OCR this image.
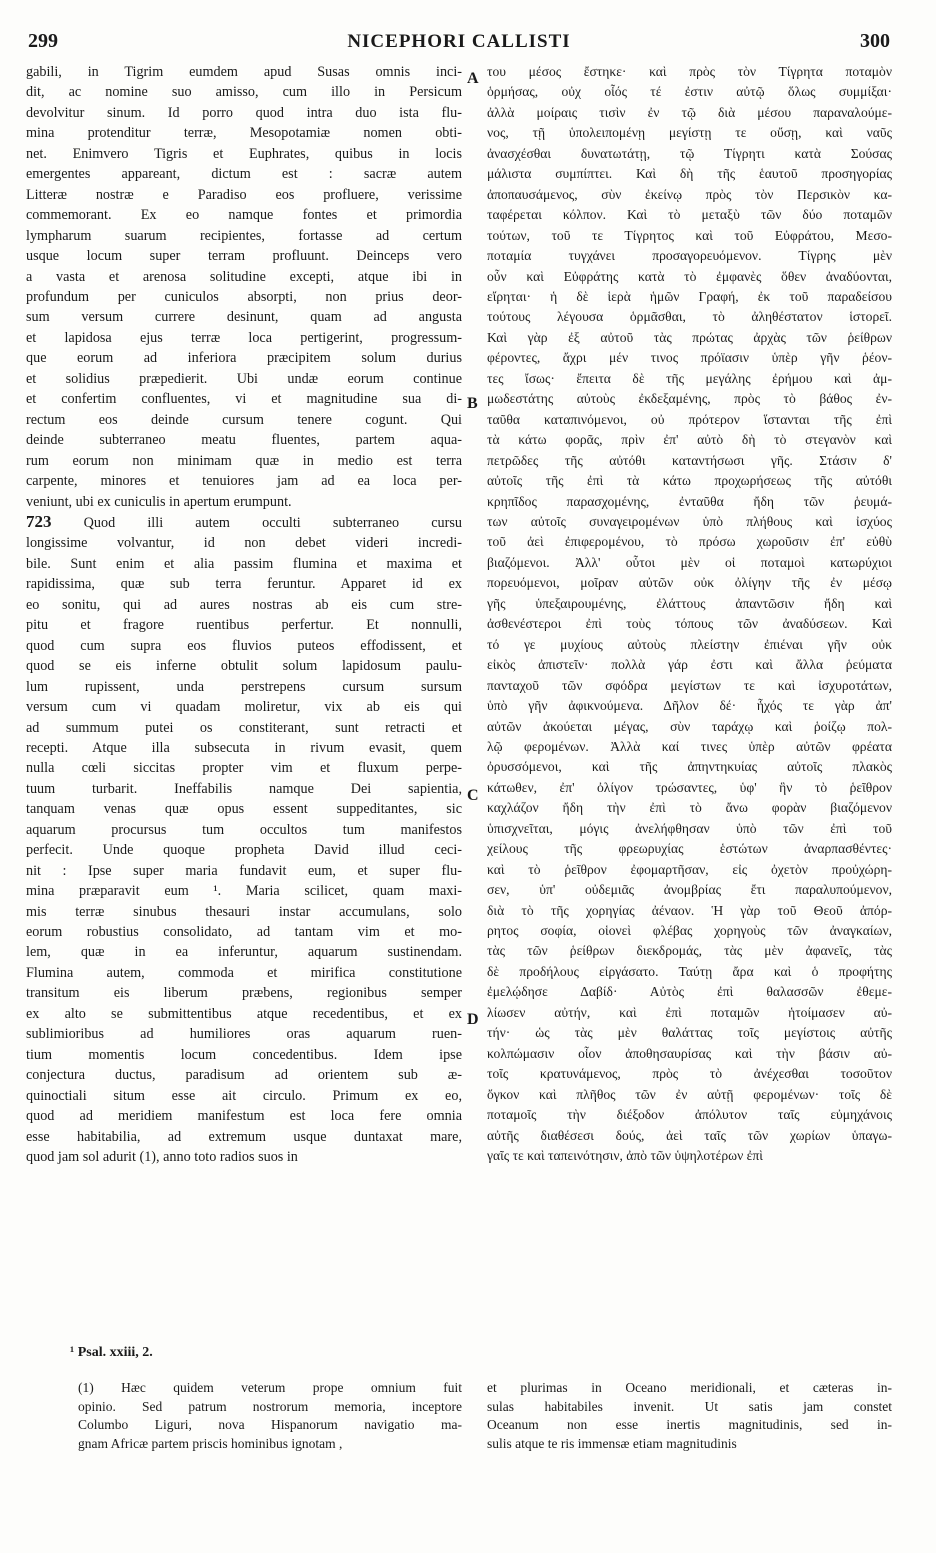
299	NICEPHORI CALLISTI	300
gabili, in Tigrim eumdem apud Susas omnis inci-
dit, ac nomine suo amisso, cum illo in Persicum
devolvitur sinum. Id porro quod intra duo ista flu-
mina protenditur terræ, Mesopotamiæ nomen obti-
net. Enimvero Tigris et Euphrates, quibus in locis
emergentes appareant, dictum est : sacræ autem
Litteræ nostræ e Paradiso eos profluere, verissime
commemorant. Ex eo namque fontes et primordia
lympharum suarum recipientes, fortasse ad certum
usque locum super terram profluunt. Deinceps vero
a vasta et arenosa solitudine excepti, atque ibi in
profundum per cuniculos absorpti, non prius deor-
sum versum currere desinunt, quam ad angusta
et lapidosa ejus terræ loca pertigerint, progressum-
que eorum ad inferiora præcipitem solum durius
et solidius præpedierit. Ubi undæ eorum continue
et confertim confluentes, vi et magnitudine sua di-
rectum eos deinde cursum tenere cogunt. Qui
deinde subterraneo meatu fluentes, partem aqua-
rum eorum non minimam quæ in medio est terra
carpente, minores et tenuiores jam ad ea loca per-
veniunt, ubi ex cuniculis in apertum erumpunt.
723 Quod illi autem occulti subterraneo cursu
longissime volvantur, id non debet videri incredi-
bile. Sunt enim et alia passim flumina et maxima et
rapidissima, quæ sub terra feruntur. Apparet id ex
eo sonitu, qui ad aures nostras ab eis cum stre-
pitu et fragore ruentibus perfertur. Et nonnulli,
quod cum supra eos fluvios puteos effodissent, et
quod se eis inferne obtulit solum lapidosum paulu-
lum rupissent, unda perstrepens cursum sursum
versum cum vi quadam moliretur, vix ab eis qui
ad summum putei os constiterant, sunt retracti et
recepti. Atque illa subsecuta in rivum evasit, quem
nulla cœli siccitas propter vim et fluxum perpe-
tuum turbarit. Ineffabilis namque Dei sapientia,
tanquam venas quæ opus essent suppeditantes, sic
aquarum procursus tum occultos tum manifestos
perfecit. Unde quoque propheta David illud ceci-
nit : Ipse super maria fundavit eum, et super flu-
mina præparavit eum ¹. Maria scilicet, quam maxi-
mis terræ sinubus thesauri instar accumulans, solo
eorum robustius consolidato, ad tantam vim et mo-
lem, quæ in ea inferuntur, aquarum sustinendam.
Flumina autem, commoda et mirifica constitutione
transitum eis liberum præbens, regionibus semper
ex alto se submittentibus atque recedentibus, et ex
sublimioribus ad humiliores oras aquarum ruen-
tium momentis locum concedentibus. Idem ipse
conjectura ductus, paradisum ad orientem sub æ-
quinoctiali situm esse ait circulo. Primum ex eo,
quod ad meridiem manifestum est loca fere omnia
esse habitabilia, ad extremum usque duntaxat mare,
quod jam sol adurit (1), anno toto radios suos in
A
B
C
D
του μέσος ἔστηκε· καὶ πρὸς τὸν Τίγρητα ποταμὸν
ὁρμήσας, οὐχ οἷός τέ ἐστιν αὐτῷ ὅλως συμμίξαι·
ἀλλὰ μοίραις τισὶν ἐν τῷ διὰ μέσου παραναλούμε-
νος, τῇ ὑπολειπομένῃ μεγίστῃ τε οὔσῃ, καὶ ναῦς
ἀνασχέσθαι δυνατωτάτῃ, τῷ Τίγρητι κατὰ Σούσας
μάλιστα συμπίπτει. Καὶ δὴ τῆς ἑαυτοῦ προσηγορίας
ἀποπαυσάμενος, σὺν ἐκείνῳ πρὸς τὸν Περσικὸν κα-
ταφέρεται κόλπον. Καὶ τὸ μεταξὺ τῶν δύο ποταμῶν
τούτων, τοῦ τε Τίγρητος καὶ τοῦ Εὐφράτου, Μεσο-
ποταμία τυγχάνει προσαγορευόμενον. Τίγρης μὲν
οὖν καὶ Εὐφράτης κατὰ τὸ ἐμφανὲς ὅθεν ἀναδύονται,
εἴρηται· ἡ δὲ ἱερὰ ἡμῶν Γραφή, ἐκ τοῦ παραδείσου
τούτους λέγουσα ὁρμᾶσθαι, τὸ ἀληθέστατον ἱστορεῖ.
Καὶ γὰρ ἐξ αὐτοῦ τὰς πρώτας ἀρχὰς τῶν ῥείθρων
φέροντες, ἄχρι μέν τινος πρόϊασιν ὑπὲρ γῆν ῥέον-
τες ἴσως· ἔπειτα δὲ τῆς μεγάλης ἐρήμου καὶ ἀμ-
μωδεστάτης αὐτοὺς ἐκδεξαμένης, πρὸς τὸ βάθος ἐν-
ταῦθα καταπινόμενοι, οὐ πρότερον ἵστανται τῆς ἐπὶ
τὰ κάτω φορᾶς, πρὶν ἐπ' αὐτὸ δὴ τὸ στεγανὸν καὶ
πετρῶδες τῆς αὐτόθι καταντήσωσι γῆς. Στάσιν δ'
αὐτοῖς τῆς ἐπὶ τὰ κάτω προχωρήσεως τῆς αὐτόθι
κρηπῖδος παρασχομένης, ἐνταῦθα ἤδη τῶν ῥευμά-
των αὐτοῖς συναγειρομένων ὑπὸ πλήθους καὶ ἰσχύος
τοῦ ἀεὶ ἐπιφερομένου, τὸ πρόσω χωροῦσιν ἐπ' εὐθὺ
βιαζόμενοι. Ἀλλ' οὗτοι μὲν οἱ ποταμοὶ κατωρύχιοι
πορευόμενοι, μοῖραν αὐτῶν οὐκ ὀλίγην τῆς ἐν μέσῳ
γῆς ὑπεξαιρουμένης, ἐλάττους ἀπαντῶσιν ἤδη καὶ
ἀσθενέστεροι ἐπὶ τοὺς τόπους τῶν ἀναδύσεων. Καὶ
τό γε μυχίους αὐτοὺς πλείστην ἐπιέναι γῆν οὐκ
εἰκὸς ἀπιστεῖν· πολλὰ γάρ ἐστι καὶ ἄλλα ῥεύματα
πανταχοῦ τῶν σφόδρα μεγίστων τε καὶ ἰσχυροτάτων,
ὑπὸ γῆν ἀφικνούμενα. Δῆλον δέ· ἦχός τε γὰρ ἀπ'
αὐτῶν ἀκούεται μέγας, σὺν ταράχῳ καὶ ῥοίζῳ πολ-
λῷ φερομένων. Ἀλλὰ καί τινες ὑπὲρ αὐτῶν φρέατα
ὀρυσσόμενοι, καὶ τῆς ἀπηντηκυίας αὐτοῖς πλακὸς
κάτωθεν, ἐπ' ὀλίγον τρώσαντες, ὑφ' ἣν τὸ ῥεῖθρον
καχλάζον ἤδη τὴν ἐπὶ τὸ ἄνω φορὰν βιαζόμενον
ὑπισχνεῖται, μόγις ἀνελήφθησαν ὑπὸ τῶν ἐπὶ τοῦ
χείλους τῆς φρεωρυχίας ἑστώτων ἀναρπασθέντες·
καὶ τὸ ῥεῖθρον ἐφομαρτῆσαν, εἰς ὀχετὸν προὐχώρη-
σεν, ὑπ' οὐδεμιᾶς ἀνομβρίας ἔτι παραλυπούμενον,
διὰ τὸ τῆς χορηγίας ἀέναον. Ἡ γὰρ τοῦ Θεοῦ ἀπόρ-
ρητος σοφία, οἱονεὶ φλέβας χορηγοὺς τῶν ἀναγκαίων,
τὰς τῶν ῥείθρων διεκδρομάς, τὰς μὲν ἀφανεῖς, τὰς
δὲ προδήλους εἰργάσατο. Ταύτῃ ἄρα καὶ ὁ προφήτης
ἐμελῴδησε Δαβίδ· Αὐτὸς ἐπὶ θαλασσῶν ἐθεμε-
λίωσεν αὐτήν, καὶ ἐπὶ ποταμῶν ἡτοίμασεν αὐ-
τήν· ὡς τὰς μὲν θαλάττας τοῖς μεγίστοις αὐτῆς
κολπώμασιν οἷον ἀποθησαυρίσας καὶ τὴν βάσιν αὐ-
τοῖς κρατυνάμενος, πρὸς τὸ ἀνέχεσθαι τοσοῦτον
ὄγκον καὶ πλῆθος τῶν ἐν αὐτῇ φερομένων· τοῖς δὲ
ποταμοῖς τὴν διέξοδον ἀπόλυτον ταῖς εὐμηχάνοις
αὐτῆς διαθέσεσι δούς, ἀεὶ ταῖς τῶν χωρίων ὑπαγω-
γαῖς τε καὶ ταπεινότησιν, ἀπὸ τῶν ὑψηλοτέρων ἐπὶ
¹ Psal. xxiii, 2.
(1) Hæc quidem veterum prope omnium fuit
opinio. Sed patrum nostrorum memoria, inceptore
Columbo Liguri, nova Hispanorum navigatio ma-
gnam Africæ partem priscis hominibus ignotam ,
et plurimas in Oceano meridionali, et cæteras in-
sulas habitabiles invenit. Ut satis jam constet
Oceanum non esse inertis magnitudinis, sed in-
sulis atque te ris immensæ etiam magnitudinis
